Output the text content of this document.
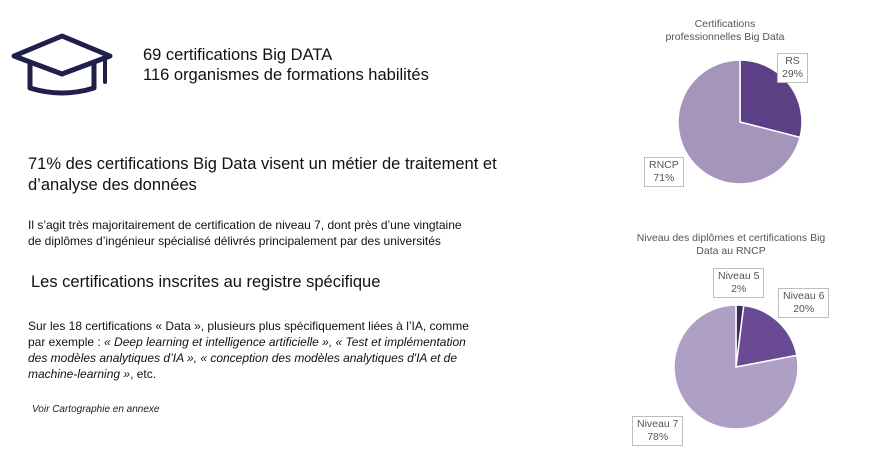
69 certifications Big DATA
116 organismes de formations habilités
71% des certifications Big Data visent un métier de traitement et
d’analyse des données
Il s’agit très majoritairement de certification de niveau 7, dont près d’une vingtaine
de diplômes d’ingénieur spécialisé délivrés principalement par des universités
Les certifications inscrites au registre spécifique
Sur les 18 certifications « Data », plusieurs plus spécifiquement liées à l’IA, comme
par exemple : « Deep learning et intelligence artificielle », « Test et implémentation
des modèles analytiques d’IA », « conception des modèles analytiques d'IA et de
machine-learning », etc.
Voir Cartographie en annexe
Certifications
professionnelles Big Data
RS
29%
RNCP
71%
Niveau des diplômes et certifications Big
Data au RNCP
Niveau 5
2%
Niveau 6
20%
Niveau 7
78%
